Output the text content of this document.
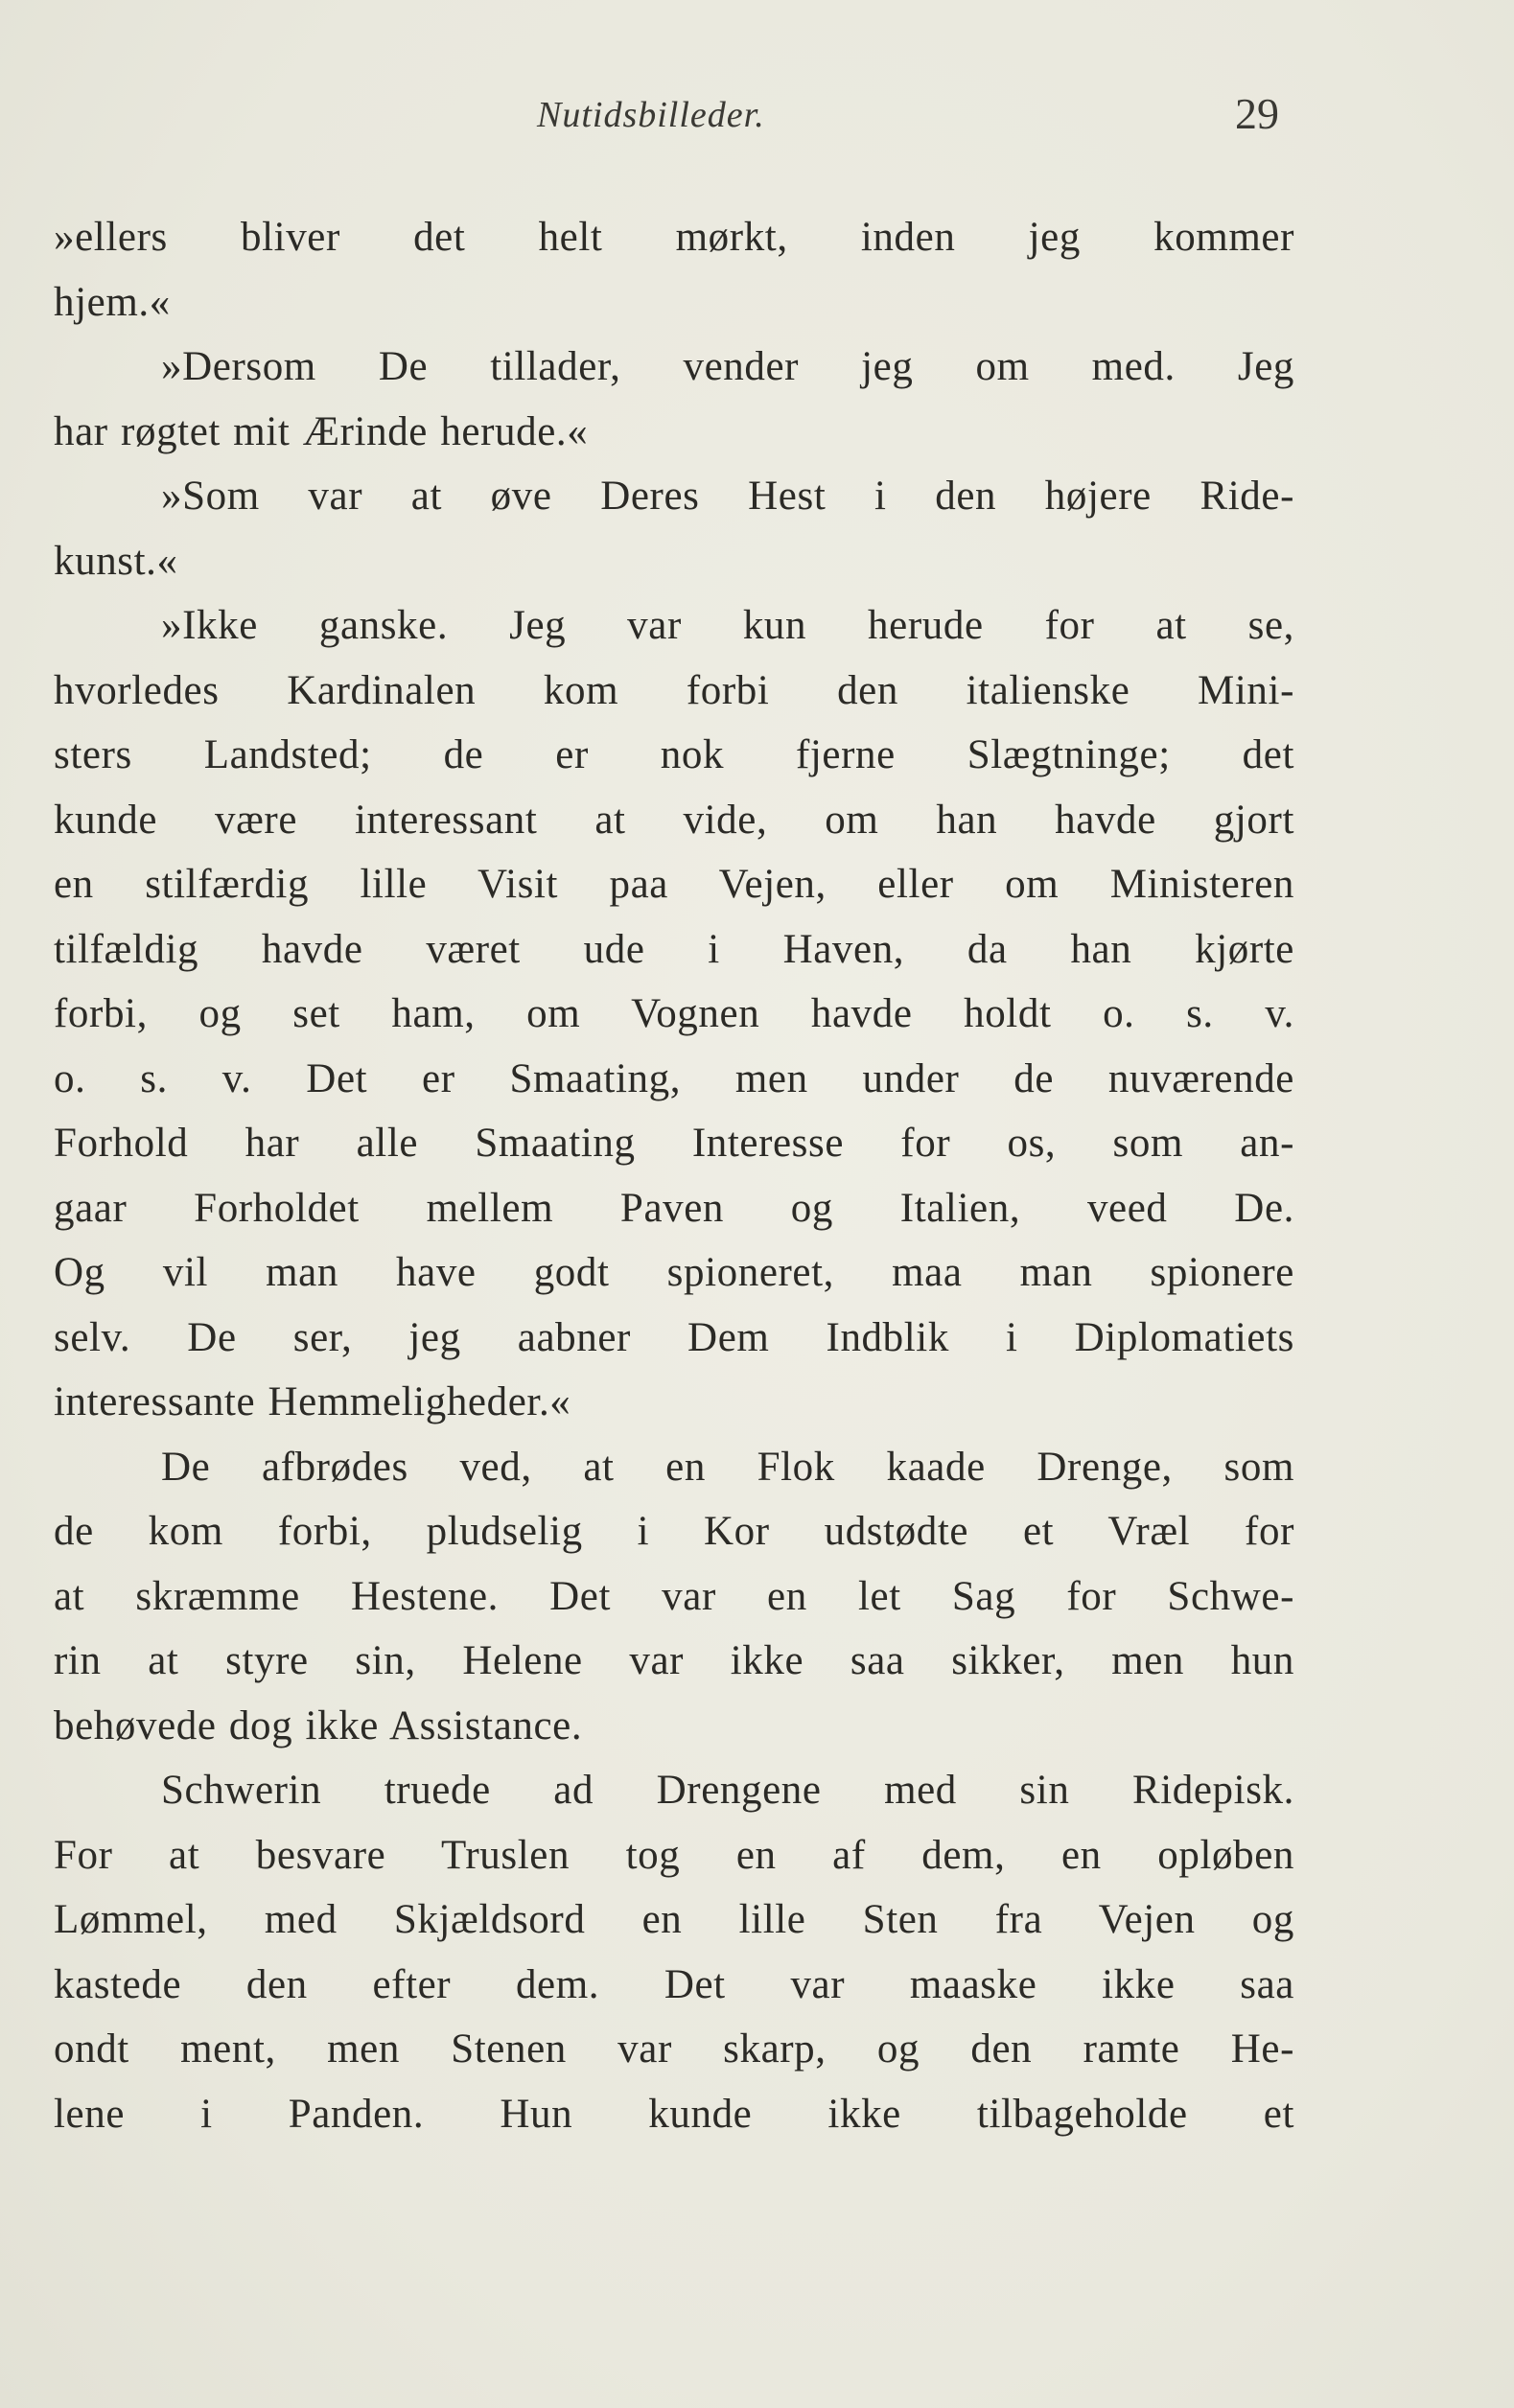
Nutidsbilleder.	29
»ellers bliver det helt mørkt, inden jeg kommer
hjem.«
»Dersom De tillader, vender jeg om med. Jeg
har røgtet mit Ærinde herude.«
»Som var at øve Deres Hest i den højere Ride-
kunst.«
»Ikke ganske. Jeg var kun herude for at se,
hvorledes Kardinalen kom forbi den italienske Mini-
sters Landsted; de er nok fjerne Slægtninge; det
kunde være interessant at vide, om han havde gjort
en stilfærdig lille Visit paa Vejen, eller om Ministeren
tilfældig havde været ude i Haven, da han kjørte
forbi, og set ham, om Vognen havde holdt o. s. v.
o. s. v. Det er Smaating, men under de nuværende
Forhold har alle Smaating Interesse for os, som an-
gaar Forholdet mellem Paven og Italien, veed De.
Og vil man have godt spioneret, maa man spionere
selv. De ser, jeg aabner Dem Indblik i Diplomatiets
interessante Hemmeligheder.«
De afbrødes ved, at en Flok kaade Drenge, som
de kom forbi, pludselig i Kor udstødte et Vræl for
at skræmme Hestene. Det var en let Sag for Schwe-
rin at styre sin, Helene var ikke saa sikker, men hun
behøvede dog ikke Assistance.
Schwerin truede ad Drengene med sin Ridepisk.
For at besvare Truslen tog en af dem, en opløben
Lømmel, med Skjældsord en lille Sten fra Vejen og
kastede den efter dem. Det var maaske ikke saa
ondt ment, men Stenen var skarp, og den ramte He-
lene i Panden. Hun kunde ikke tilbageholde et
